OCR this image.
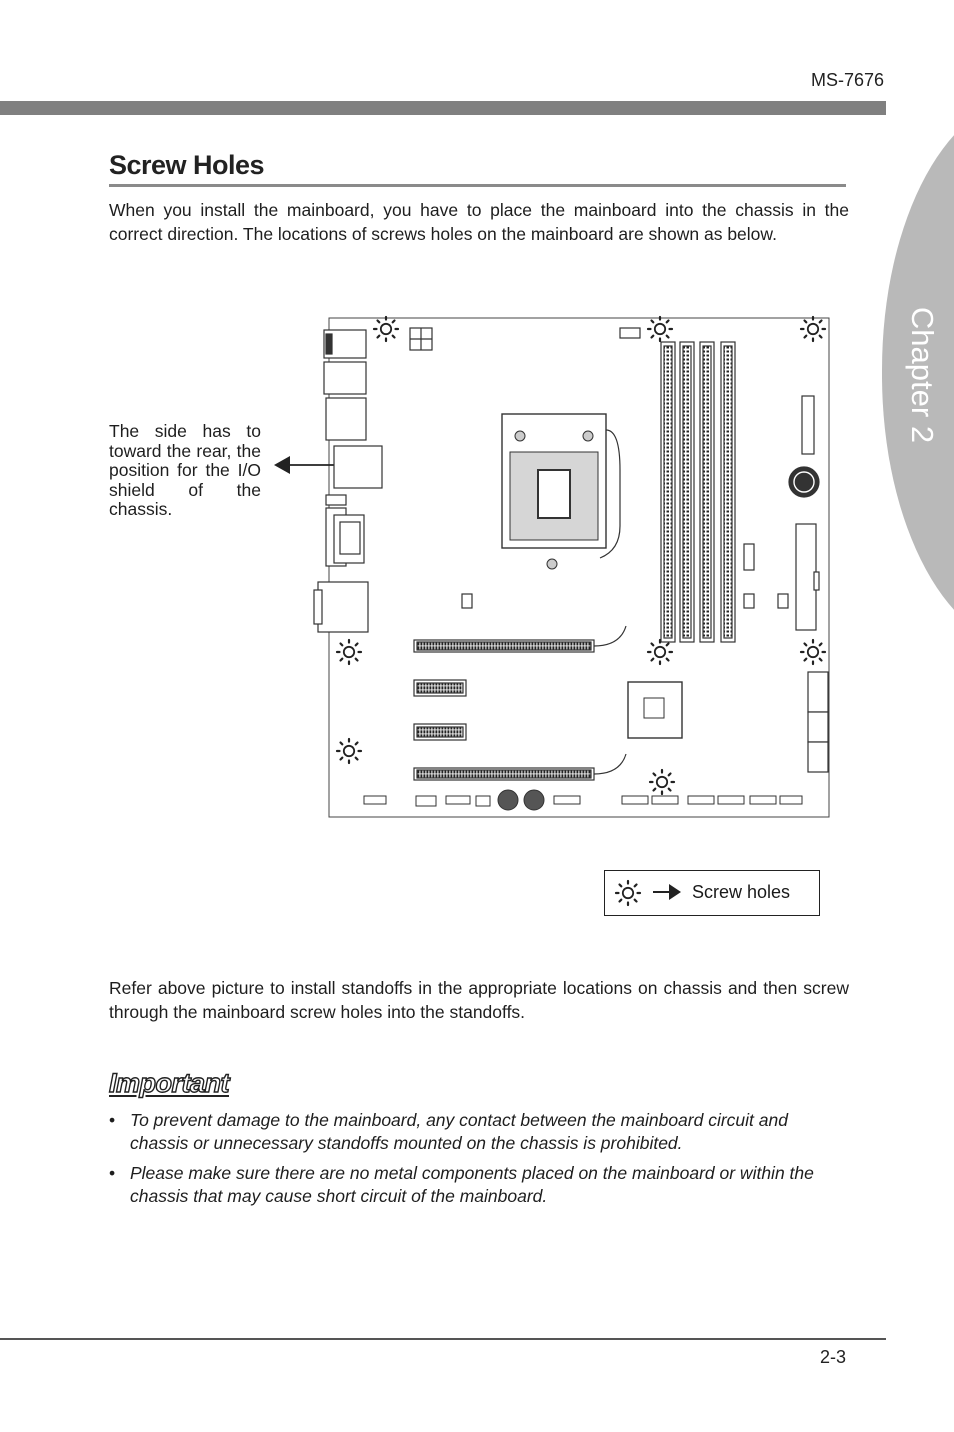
MS-7676
Chapter 2
Screw Holes

When you install the mainboard, you have to place the mainboard into the chassis in the correct direction. The locations of screws holes on the mainboard are shown as below.

The side has to toward the rear, the position for the I/O shield of the chassis.
Screw holes

Refer above picture to install standoffs in the appropriate locations on chassis and then screw through the mainboard screw holes into the standoffs.

Important
• To prevent damage to the mainboard, any contact between the mainboard circuit and chassis or unnecessary standoffs mounted on the chassis is prohibited.
• Please make sure there are no metal components placed on the mainboard or within the chassis that may cause short circuit of the mainboard.
2-3
